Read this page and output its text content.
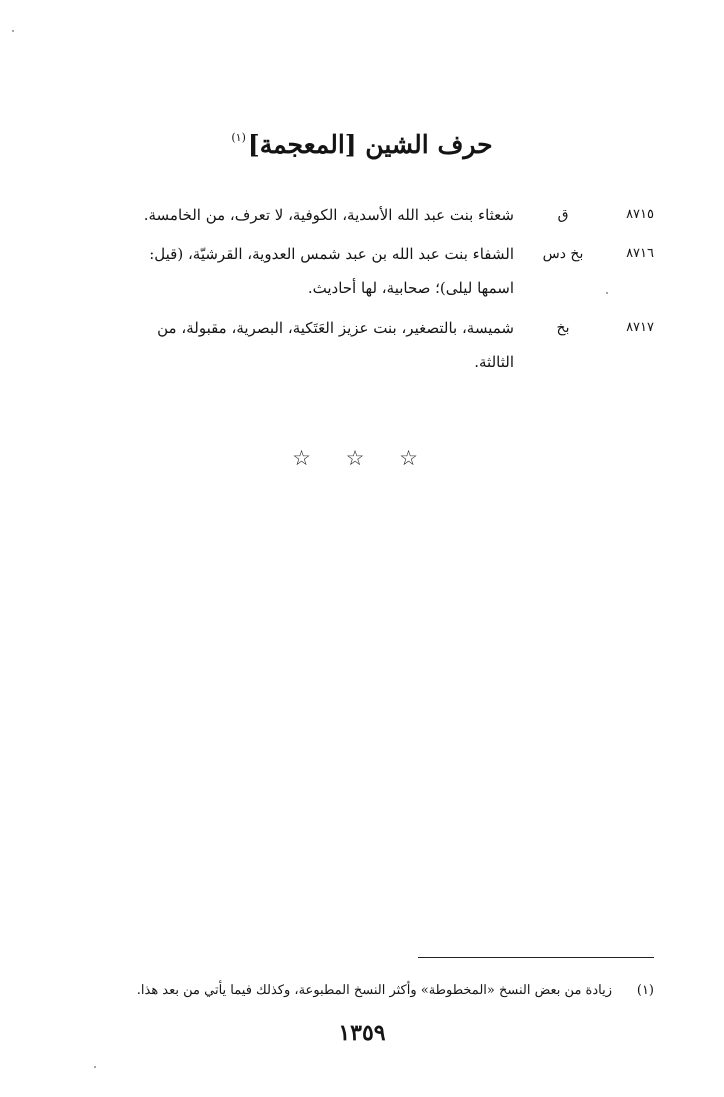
حرف الشين [المعجمة]$^{(١)}$
٨٧١٥
ق
شعثاء بنت عبد الله الأسدية، الكوفية، لا تعرف، من الخامسة.
٨٧١٦
بخ دس
الشفاء بنت عبد الله بن عبد شمس العدوية، القرشيّة، (قيل:
اسمها ليلى)؛ صحابية، لها أحاديث.
٨٧١٧
بخ
شميسة، بالتصغير، بنت عزيز العَتَكية، البصرية، مقبولة، من
الثالثة.
☆ ☆ ☆
(١)
زيادة من بعض النسخ «المخطوطة» وأكثر النسخ المطبوعة، وكذلك فيما يأتي من بعد هذا.
١٣٥٩
